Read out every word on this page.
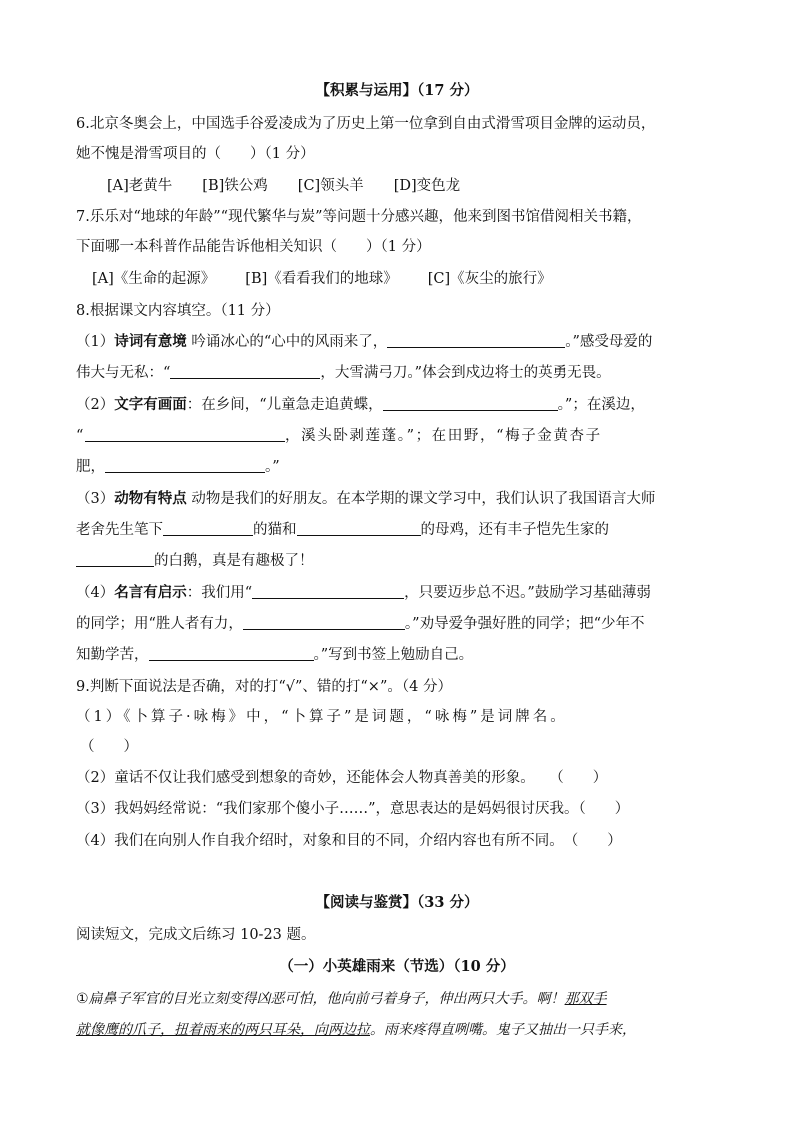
【积累与运用】（17 分）
6.北京冬奥会上，中国选手谷爱凌成为了历史上第一位拿到自由式滑雪项目金牌的运动员，
她不愧是滑雪项目的（　　）（1 分）
[A]老黄牛 [B]铁公鸡 [C]领头羊 [D]变色龙
7.乐乐对“地球的年龄”“现代繁华与炭”等问题十分感兴趣，他来到图书馆借阅相关书籍，
下面哪一本科普作品能告诉他相关知识（　　）（1 分）
[A]《生命的起源》 [B]《看看我们的地球》 [C]《灰尘的旅行》
8.根据课文内容填空。（11 分）
（1）诗词有意境 吟诵冰心的“心中的风雨来了，	。”感受母爱的
伟大与无私：“	，大雪满弓刀。”体会到戍边将士的英勇无畏。
（2）文字有画面：在乡间，“儿童急走追黄蝶，	。”；在溪边，
“	，溪头卧剥莲蓬。”；在田野，“梅子金黄杏子
肥，	。”
（3）动物有特点 动物是我们的好朋友。在本学期的课文学习中，我们认识了我国语言大师
老舍先生笔下	的猫和	的母鸡，还有丰子恺先生家的
的白鹅，真是有趣极了！
（4）名言有启示：我们用“	，只要迈步总不迟。”鼓励学习基础薄弱
的同学；用“胜人者有力，	。”劝导爱争强好胜的同学；把“少年不
知勤学苦，	。”写到书签上勉励自己。
9.判断下面说法是否确，对的打“√”、错的打“×”。（4 分）
（1）《卜算子·咏梅》中，“卜算子”是词题，“咏梅”是词牌名。
（　　）
（2）童话不仅让我们感受到想象的奇妙，还能体会人物真善美的形象。　　（　　）
（3）我妈妈经常说：“我们家那个傻小子……”，意思表达的是妈妈很讨厌我。（　　）
（4）我们在向别人作自我介绍时，对象和目的不同，介绍内容也有所不同。　（　　）
【阅读与鉴赏】（33 分）
阅读短文，完成文后练习 10-23 题。
（一）小英雄雨来（节选）（10 分）
①扁鼻子军官的目光立刻变得凶恶可怕，他向前弓着身子，伸出两只大手。啊！那双手
就像鹰的爪子，扭着雨来的两只耳朵，向两边拉。雨来疼得直咧嘴。鬼子又抽出一只手来，
